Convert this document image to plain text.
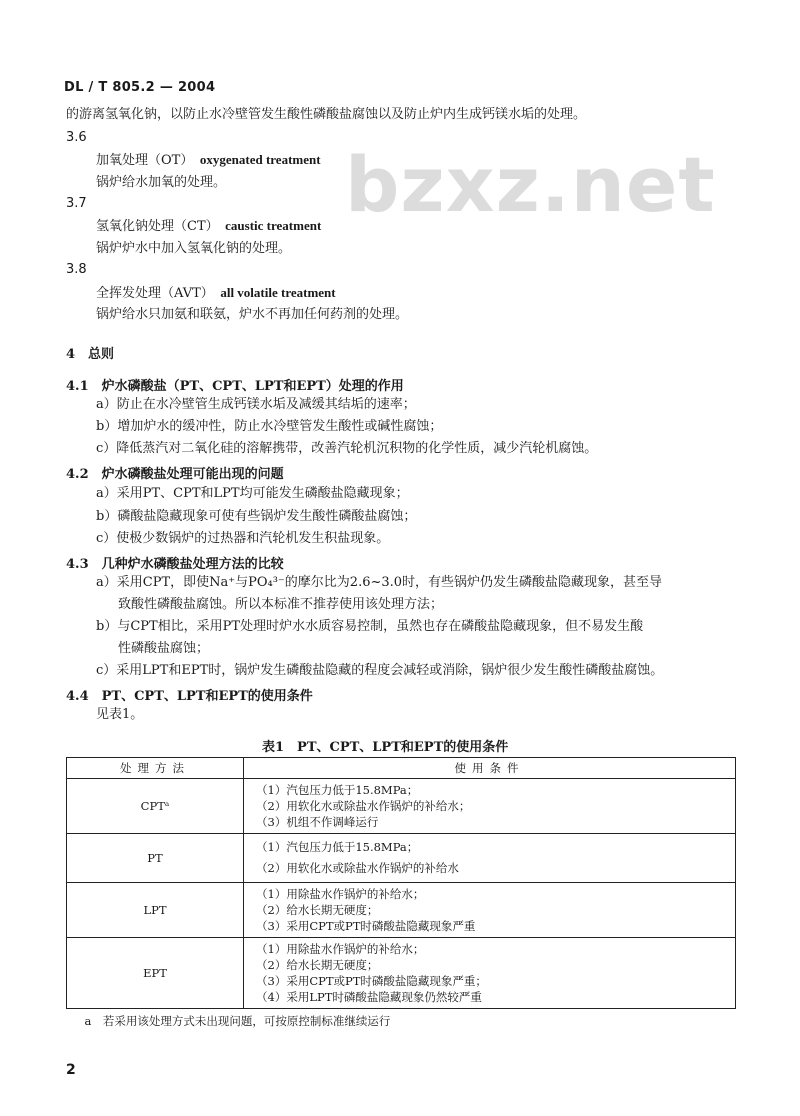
DL / T 805.2 — 2004
bzxz.net
的游离氢氧化钠，以防止水冷壁管发生酸性磷酸盐腐蚀以及防止炉内生成钙镁水垢的处理。
3.6
加氧处理（OT）　 oxygenated treatment
锅炉给水加氧的处理。
3.7
氢氧化钠处理（CT）　 caustic treatment
锅炉炉水中加入氢氧化钠的处理。
3.8
全挥发处理（AVT）　 all volatile treatment
锅炉给水只加氨和联氨，炉水不再加任何药剂的处理。
4　总则
4.1　炉水磷酸盐（PT、CPT、LPT和EPT）处理的作用
a）防止在水冷壁管生成钙镁水垢及减缓其结垢的速率；
b）增加炉水的缓冲性，防止水冷壁管发生酸性或碱性腐蚀；
c）降低蒸汽对二氧化硅的溶解携带，改善汽轮机沉积物的化学性质，减少汽轮机腐蚀。
4.2　炉水磷酸盐处理可能出现的问题
a）采用PT、CPT和LPT均可能发生磷酸盐隐藏现象；
b）磷酸盐隐藏现象可使有些锅炉发生酸性磷酸盐腐蚀；
c）使极少数锅炉的过热器和汽轮机发生积盐现象。
4.3　几种炉水磷酸盐处理方法的比较
a）采用CPT，即使Na⁺与PO₄³⁻的摩尔比为2.6~3.0时，有些锅炉仍发生磷酸盐隐藏现象，甚至导
致酸性磷酸盐腐蚀。所以本标准不推荐使用该处理方法；
b）与CPT相比，采用PT处理时炉水水质容易控制，虽然也存在磷酸盐隐藏现象，但不易发生酸
性磷酸盐腐蚀；
c）采用LPT和EPT时，锅炉发生磷酸盐隐藏的程度会减轻或消除，锅炉很少发生酸性磷酸盐腐蚀。
4.4　PT、CPT、LPT和EPT的使用条件
见表1。
表1　PT、CPT、LPT和EPT的使用条件
处理方法	使用条件
CPTᵃ	（1）汽包压力低于15.8MPa；
（2）用软化水或除盐水作锅炉的补给水；
（3）机组不作调峰运行

PT	（1）汽包压力低于15.8MPa；
（2）用软化水或除盐水作锅炉的补给水

LPT	（1）用除盐水作锅炉的补给水；
（2）给水长期无硬度；
（3）采用CPT或PT时磷酸盐隐藏现象严重

EPT	（1）用除盐水作锅炉的补给水；
（2）给水长期无硬度；
（3）采用CPT或PT时磷酸盐隐藏现象严重；
（4）采用LPT时磷酸盐隐藏现象仍然较严重

a　若采用该处理方式未出现问题，可按原控制标准继续运行	
2
